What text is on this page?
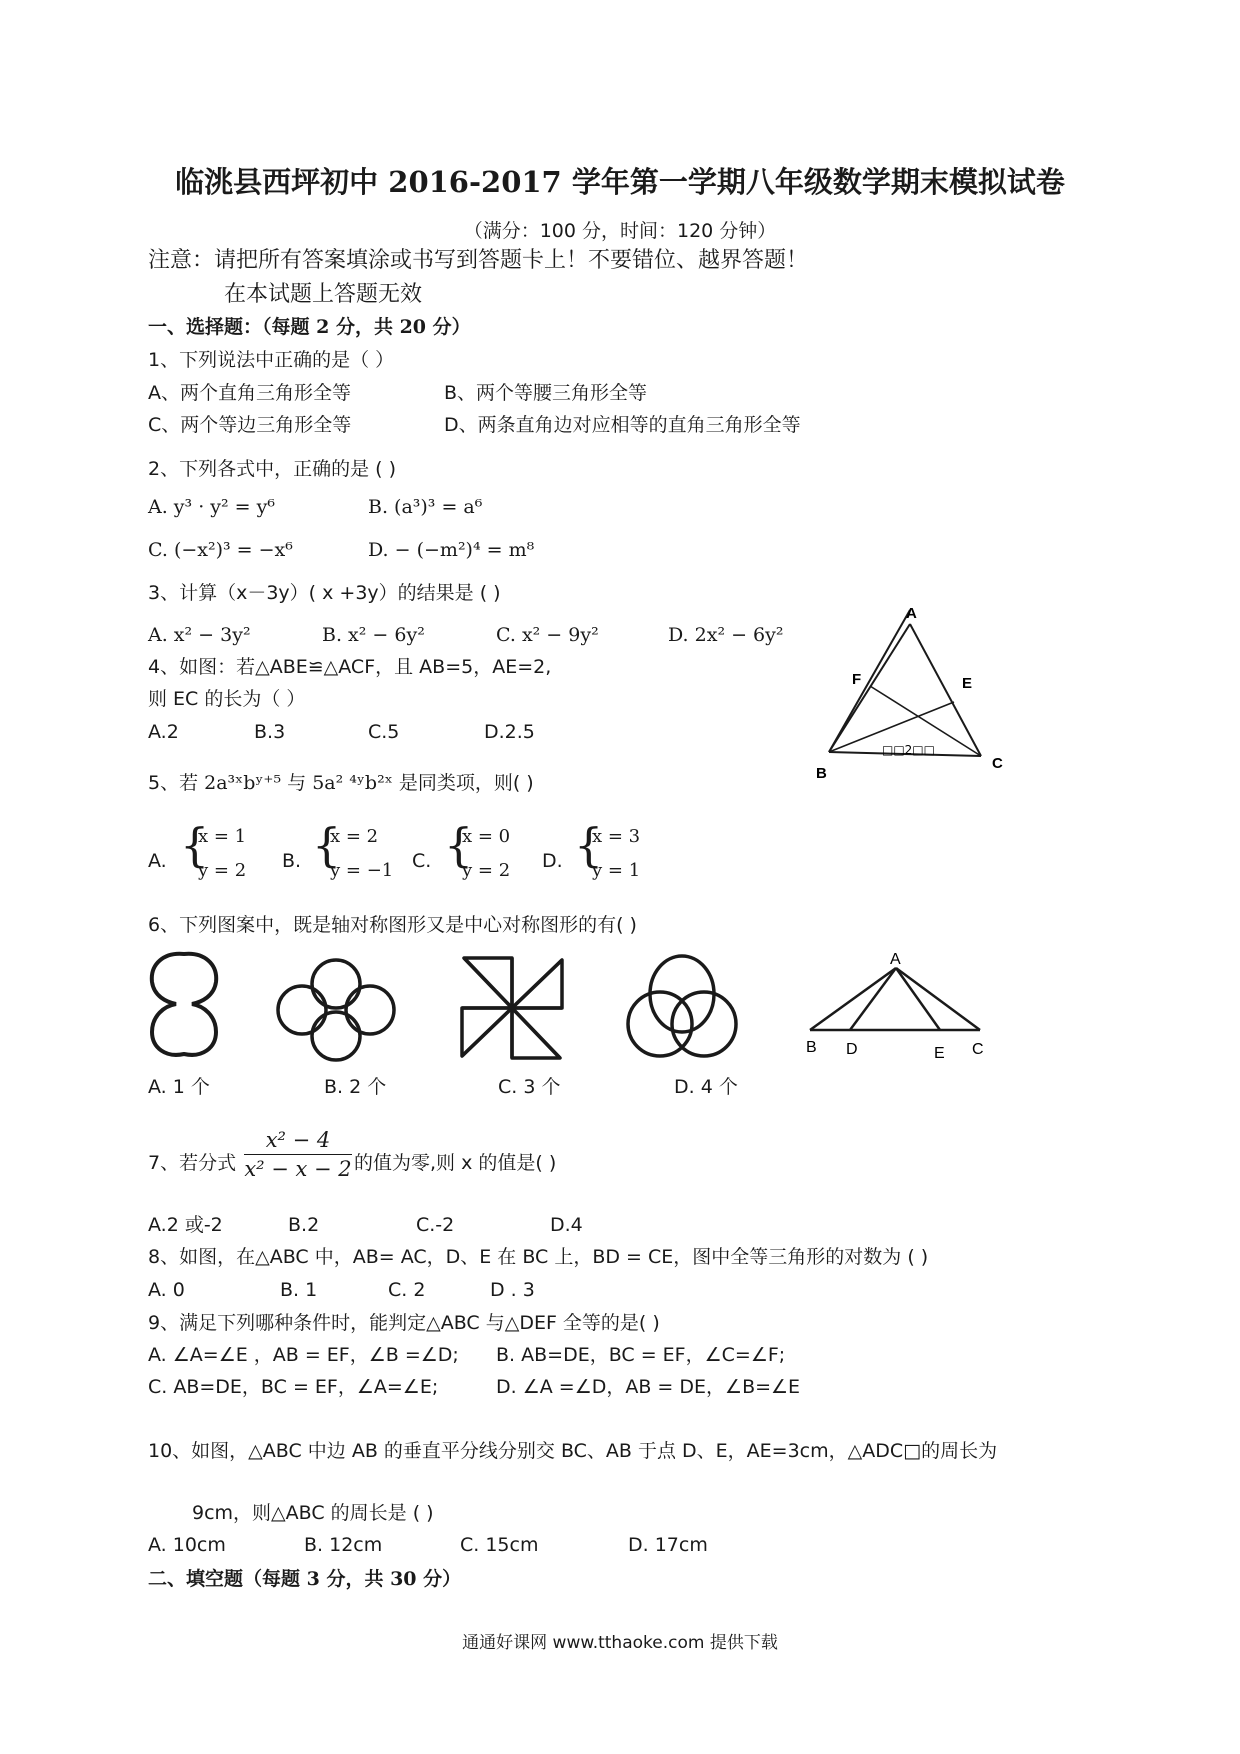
临洮县西坪初中 2016-2017 学年第一学期八年级数学期末模拟试卷
（满分：100 分，时间：120 分钟）
注意：请把所有答案填涂或书写到答题卡上！不要错位、越界答题！
在本试题上答题无效
一、选择题：（每题 2 分，共 20 分）
1、下列说法中正确的是（ ）
A、两个直角三角形全等	B、两个等腰三角形全等
C、两个等边三角形全等	D、两条直角边对应相等的直角三角形全等
2、下列各式中，正确的是 ( )
A. y³ · y² = y⁶	B. (a³)³ = a⁶
C. (−x²)³ = −x⁶	D. − (−m²)⁴ = m⁸
3、计算（x－3y）( x +3y）的结果是 ( )
A. x² − 3y²	B. x² − 6y²	C. x² − 9y²	D. 2x² − 6y²
4、如图：若△ABE≌△ACF，且 AB=5，AE=2,
则 EC 的长为（ ）
A.2	B.3	C.5	D.2.5
A
F	E
B
C
□□2□□
5、若 2a³ˣbʸ⁺⁵ 与 5a² ⁴ʸb²ˣ 是同类项，则( )
A. {
x = 1
y = 2 B. {
x = 2
y = −1 C. {
x = 0
y = 2 D. {
x = 3
y = 1
6、下列图案中，既是轴对称图形又是中心对称图形的有( )
A
B D	E C
A. 1 个	B. 2 个	C. 3 个	D. 4 个
7、若分式
x² − 4
x² − x − 2 的值为零,则 x 的值是( )
A.2 或-2	B.2	C.-2	D.4
8、如图，在△ABC 中，AB= AC，D、E 在 BC 上，BD = CE，图中全等三角形的对数为 ( )
A. 0	B. 1	C. 2	D . 3
9、满足下列哪种条件时，能判定△ABC 与△DEF 全等的是( )
A. ∠A=∠E ，AB = EF，∠B =∠D; B. AB=DE，BC = EF，∠C=∠F;
C. AB=DE，BC = EF，∠A=∠E;	D. ∠A =∠D，AB = DE，∠B=∠E
10、如图，△ABC 中边 AB 的垂直平分线分别交 BC、AB 于点 D、E，AE=3cm，△ADC□的周长为
9cm，则△ABC 的周长是 ( )
A. 10cm	B. 12cm	C. 15cm	D. 17cm
二、填空题（每题 3 分，共 30 分）
通通好课网 www.tthaoke.com 提供下载
